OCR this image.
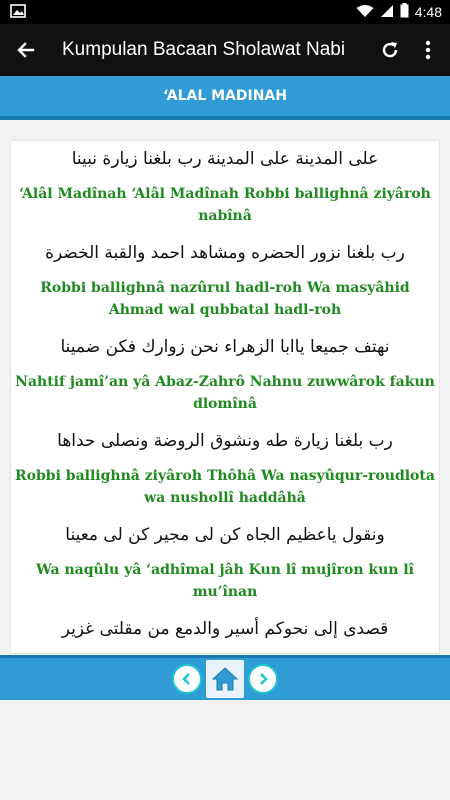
4:48
Kumpulan Bacaan Sholawat Nabi
‘ALAL MADINAH

على المدينة على المدينة رب بلغنا زيارة نبينا

‘Alâl Madînah ‘Alâl Madînah Robbi ballighnâ ziyâroh nabînâ

رب بلغنا نزور الحضره ومشاهد احمد والقبة الخضرة

Robbi ballighnâ nazûrul hadl-roh Wa masyâhid Ahmad wal qubbatal hadl-roh

نهتف جميعا ياابا الزهراء نحن زوارك فكن ضمينا

Nahtif jamî’an yâ Abaz-Zahrô Nahnu zuwwârok fakun dlomînâ

رب بلغنا زيارة طه ونشوق الروضة ونصلى حداها

Robbi ballighnâ ziyâroh Thôhâ Wa nasyûqur-roudlota wa nushollî haddâhâ

ونقول ياعظيم الجاه كن لى مجير كن لى معينا

Wa naqûlu yâ ‘adhîmal jâh Kun lî mujîron kun lî mu’înan

قصدى إلى نحوكم أسير والدمع من مقلتى غزير
